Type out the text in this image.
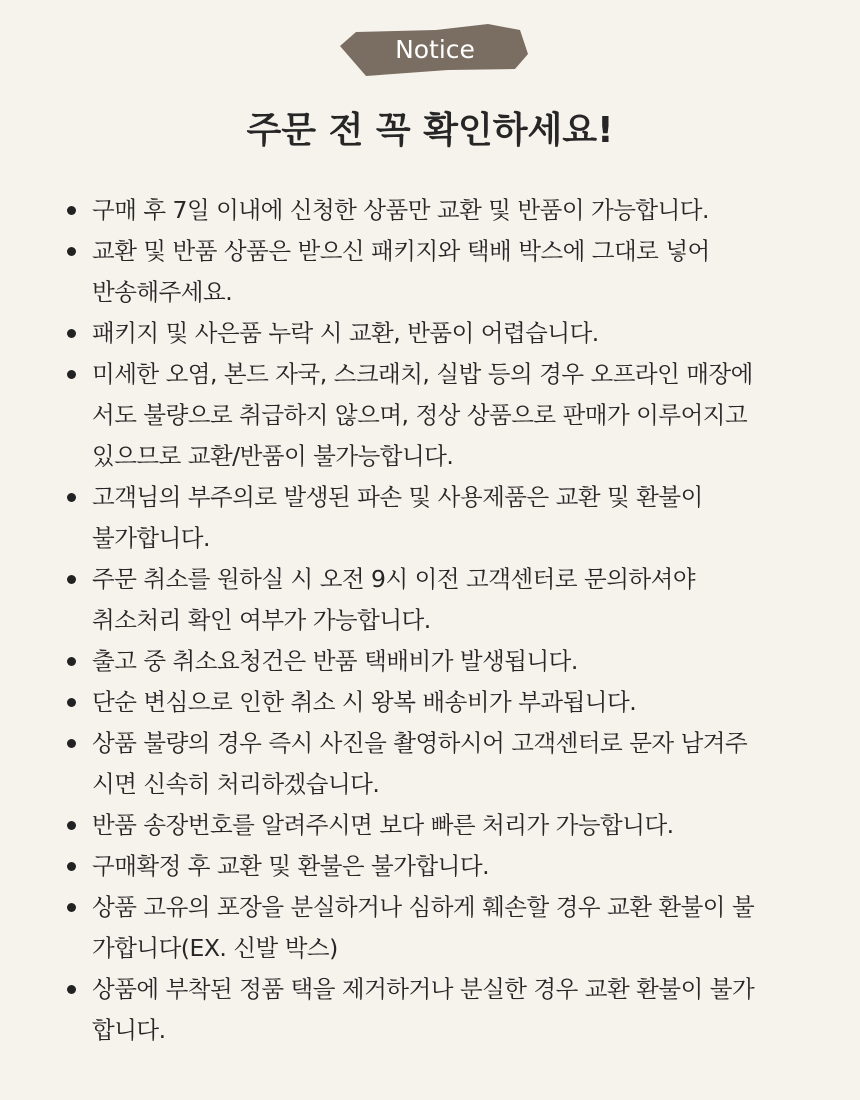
Notice
주문 전 꼭 확인하세요!
구매 후 7일 이내에 신청한 상품만 교환 및 반품이 가능합니다.
교환 및 반품 상품은 받으신 패키지와 택배 박스에 그대로 넣어
반송해주세요.
패키지 및 사은품 누락 시 교환, 반품이 어렵습니다.
미세한 오염, 본드 자국, 스크래치, 실밥 등의 경우 오프라인 매장에
서도 불량으로 취급하지 않으며, 정상 상품으로 판매가 이루어지고
있으므로 교환/반품이 불가능합니다.
고객님의 부주의로 발생된 파손 및 사용제품은 교환 및 환불이
불가합니다.
주문 취소를 원하실 시 오전 9시 이전 고객센터로 문의하셔야
취소처리 확인 여부가 가능합니다.
출고 중 취소요청건은 반품 택배비가 발생됩니다.
단순 변심으로 인한 취소 시 왕복 배송비가 부과됩니다.
상품 불량의 경우 즉시 사진을 촬영하시어 고객센터로 문자 남겨주
시면 신속히 처리하겠습니다.
반품 송장번호를 알려주시면 보다 빠른 처리가 가능합니다.
구매확정 후 교환 및 환불은 불가합니다.
상품 고유의 포장을 분실하거나 심하게 훼손할 경우 교환 환불이 불
가합니다(EX. 신발 박스)
상품에 부착된 정품 택을 제거하거나 분실한 경우 교환 환불이 불가
합니다.
